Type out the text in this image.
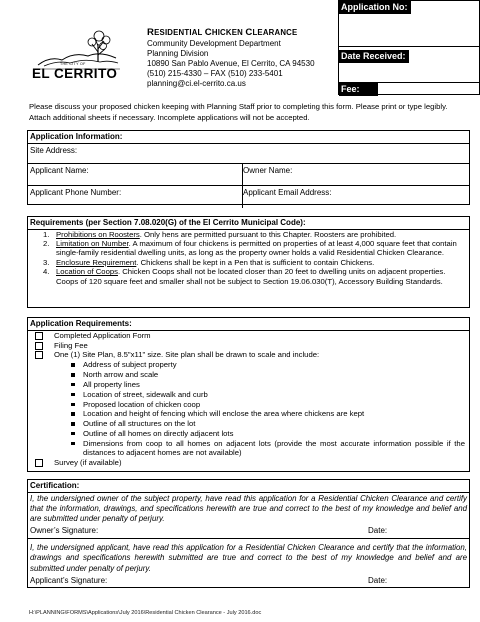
THE CITY OF
EL CERRITO
RESIDENTIAL CHICKEN CLEARANCE
Community Development Department
Planning Division
10890 San Pablo Avenue, El Cerrito, CA 94530
(510) 215-4330 – FAX (510) 233-5401
planning@ci.el-cerrito.ca.us
Application No:
Date Received:
Fee:
Please discuss your proposed chicken keeping with Planning Staff prior to completing this form. Please print or type legibly. Attach additional sheets if necessary. Incomplete applications will not be accepted.
Application Information:
Site Address:
Applicant Name:	Owner Name:
Applicant Phone Number:	Applicant Email Address:
Requirements (per Section 7.08.020(G) of the El Cerrito Municipal Code):
1. Prohibitions on Roosters. Only hens are permitted pursuant to this Chapter. Roosters are prohibited.
2. Limitation on Number. A maximum of four chickens is permitted on properties of at least 4,000 square feet that contain single-family residential dwelling units, as long as the property owner holds a valid Residential Chicken Clearance.
3. Enclosure Requirement. Chickens shall be kept in a Pen that is sufficient to contain Chickens.
4. Location of Coops. Chicken Coops shall not be located closer than 20 feet to dwelling units on adjacent properties. Coops of 120 square feet and smaller shall not be subject to Section 19.06.030(T), Accessory Building Standards.
Application Requirements:
Completed Application Form
Filing Fee
One (1) Site Plan, 8.5"x11" size. Site plan shall be drawn to scale and include:
Address of subject property
North arrow and scale
All property lines
Location of street, sidewalk and curb
Proposed location of chicken coop
Location and height of fencing which will enclose the area where chickens are kept
Outline of all structures on the lot
Outline of all homes on directly adjacent lots
Dimensions from coop to all homes on adjacent lots (provide the most accurate information possible if the distances to adjacent homes are not available)
Survey (if available)
Certification:
I, the undersigned owner of the subject property, have read this application for a Residential Chicken Clearance and certify that the information, drawings, and specifications herewith are true and correct to the best of my knowledge and belief and are submitted under penalty of perjury.
Owner’s Signature:	Date:
I, the undersigned applicant, have read this application for a Residential Chicken Clearance and certify that the information, drawings and specifications herewith submitted are true and correct to the best of my knowledge and belief and are submitted under penalty of perjury.
Applicant’s Signature:	Date:
H:\PLANNING\FORMS\Applications\July 2016\Residential Chicken Clearance - July 2016.doc
